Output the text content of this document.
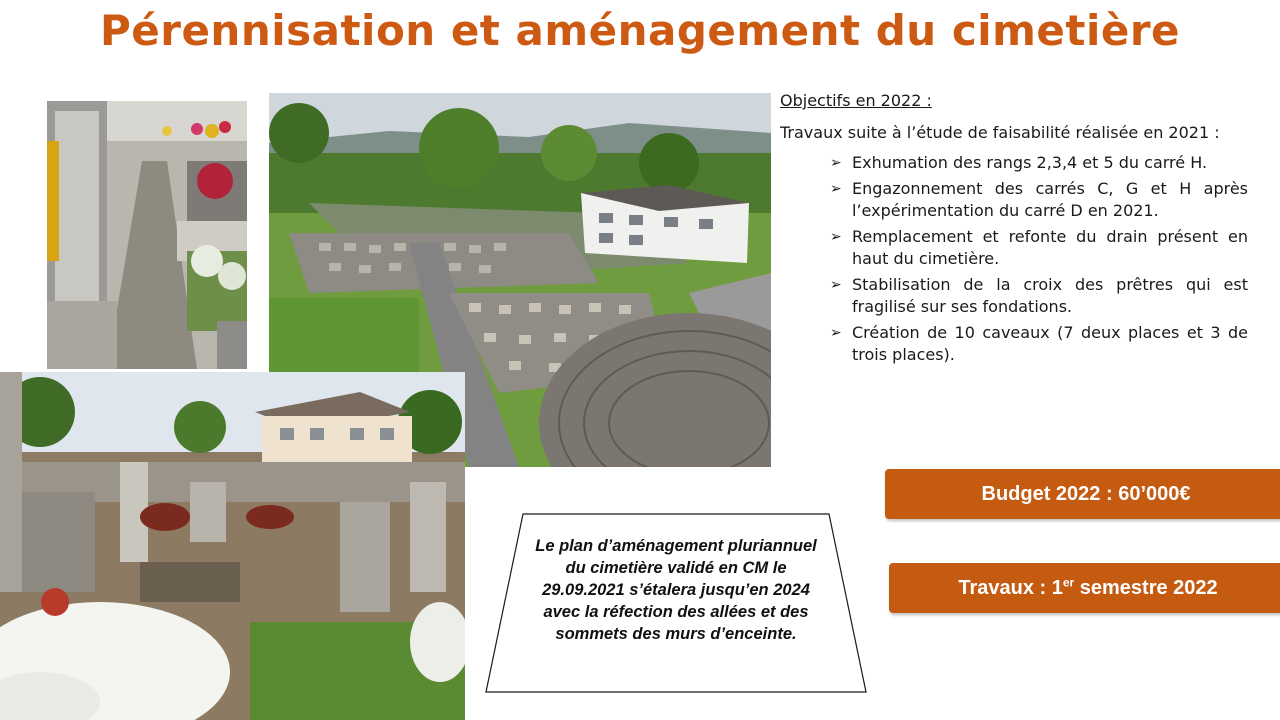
Pérennisation et aménagement du cimetière
Objectifs en 2022 :
Travaux suite à l’étude de faisabilité réalisée en 2021 :
➢ Exhumation des rangs 2,3,4 et 5 du carré H.
➢ Engazonnement des carrés C, G et H après l’expérimentation du carré D en 2021.
➢ Remplacement et refonte du drain présent en haut du cimetière.
➢ Stabilisation de la croix des prêtres qui est fragilisé sur ses fondations.
➢ Création de 10 caveaux (7 deux places et 3 de trois places).
Budget 2022 : 60’000€
Travaux : 1er semestre 2022
Le plan d’aménagement pluriannuel du cimetière validé en CM le 29.09.2021 s’étalera jusqu’en 2024 avec la réfection des allées et des sommets des murs d’enceinte.
